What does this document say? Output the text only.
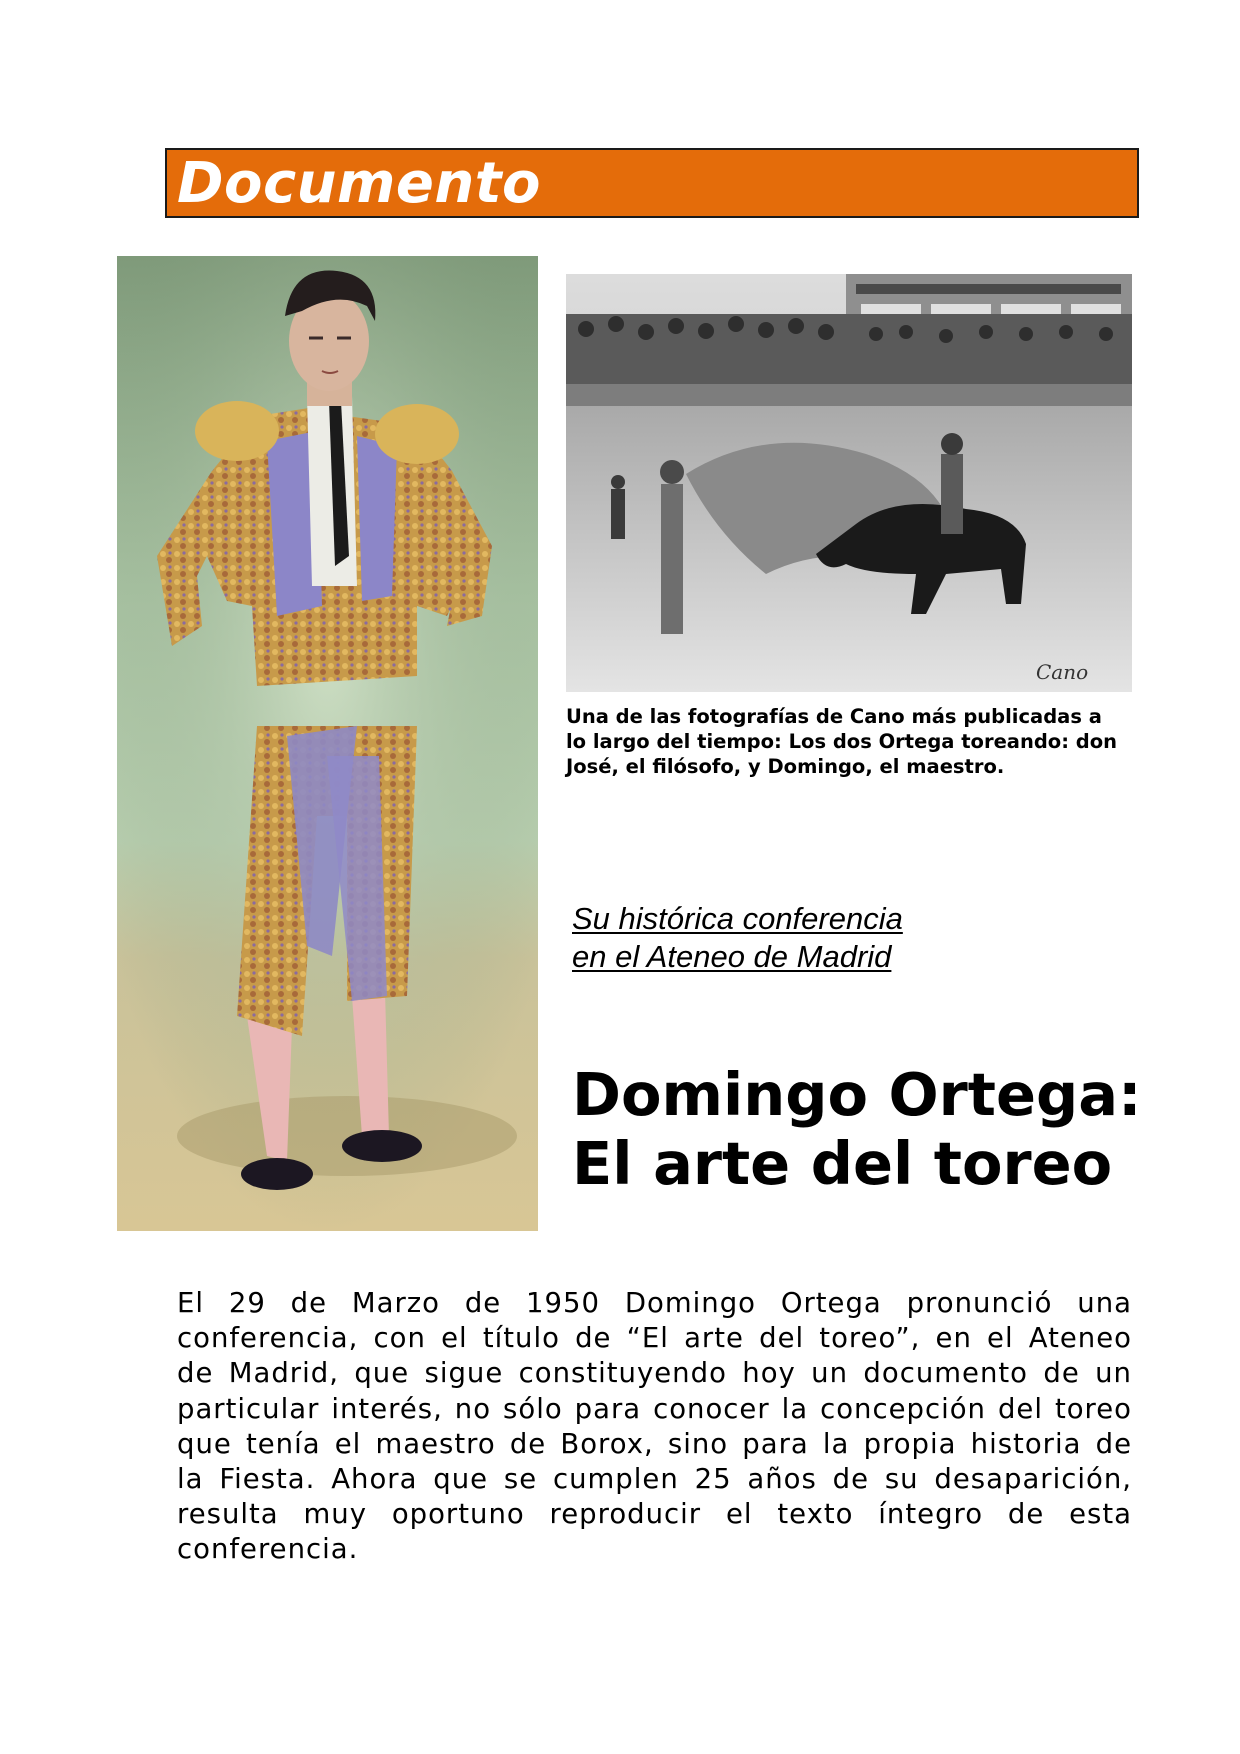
Documento
Cano
Una de las fotografías de Cano más publicadas a lo largo del tiempo: Los dos Ortega toreando: don José, el filósofo, y Domingo, el maestro.
Su histórica conferencia
en el Ateneo de Madrid
Domingo Ortega:
El arte del toreo
El 29 de Marzo de 1950 Domingo Ortega pronunció una conferencia, con el título de “El arte del toreo”, en el Ateneo de Madrid, que sigue constituyendo hoy un documento de un particular interés, no sólo para conocer la concepción del toreo que tenía el maestro de Borox, sino para la propia historia de la Fiesta. Ahora que se cumplen 25 años de su desaparición, resulta muy oportuno reproducir el texto íntegro de esta conferencia.
